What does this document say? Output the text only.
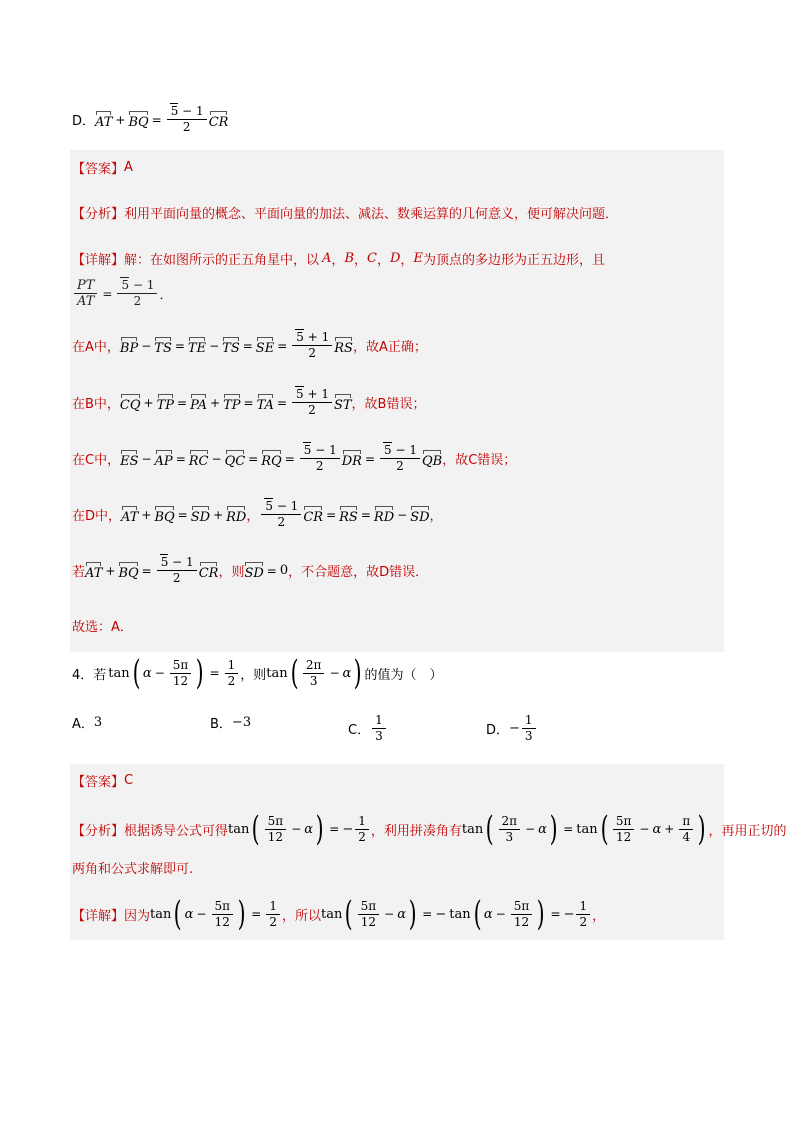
D． AT + BQ = $\frac{5 - 1}{2}$ CR
【答案】 A
【分析】 利用平面向量的概念、平面向量的加法、减法、数乘运算的几何意义，便可解决问题．
【详解】 解：在如图所示的正五角星中，以 A ， B ， C ， D ， E 为顶点的多边形为正五边形，且
$\frac{PT}{AT} = \frac{5 - 1}{2}$ ．
在A中， BP − TS = TE − TS = SE = $\frac{5 + 1}{2}$ RS ，故A正确；
在B中， CQ + TP = PA + TP = TA = $\frac{5 + 1}{2}$ ST ，故B错误；
在C中， ES − AP = RC − QC = RQ = $\frac{5 - 1}{2}$ DR = $\frac{5 - 1}{2}$ QB ，故C错误；
在D中， AT + BQ = SD + RD ， $\frac{5 - 1}{2}$ CR = RS = RD − SD ，
若 AT + BQ = $\frac{5 - 1}{2}$ CR ，则 SD = 0 ，不合题意，故D错误．
故选：A．
4． 若 tan ( $\alpha - \frac{5\pi}{12}$ ) = $\frac{1}{2}$ ，则 tan ( $\frac{2\pi}{3} - \alpha$ ) 的值为（　）
A． 3	B． −3
C． $\frac{1}{3}$	D． − $\frac{1}{3}$
【答案】 C
【分析】 根据诱导公式可得 tan ( $\frac{5\pi}{12} - \alpha$ ) = − $\frac{1}{2}$ ，利用拼凑角有 tan ( $\frac{2\pi}{3} - \alpha$ ) = tan ( $\frac{5\pi}{12} - \alpha + \frac{\pi}{4}$ ) ，再用正切的
两角和公式求解即可.
【详解】 因为 tan ( $\alpha - \frac{5\pi}{12}$ ) = $\frac{1}{2}$ ，所以 tan ( $\frac{5\pi}{12} - \alpha$ ) = − tan ( $\alpha - \frac{5\pi}{12}$ ) = − $\frac{1}{2}$ ，
